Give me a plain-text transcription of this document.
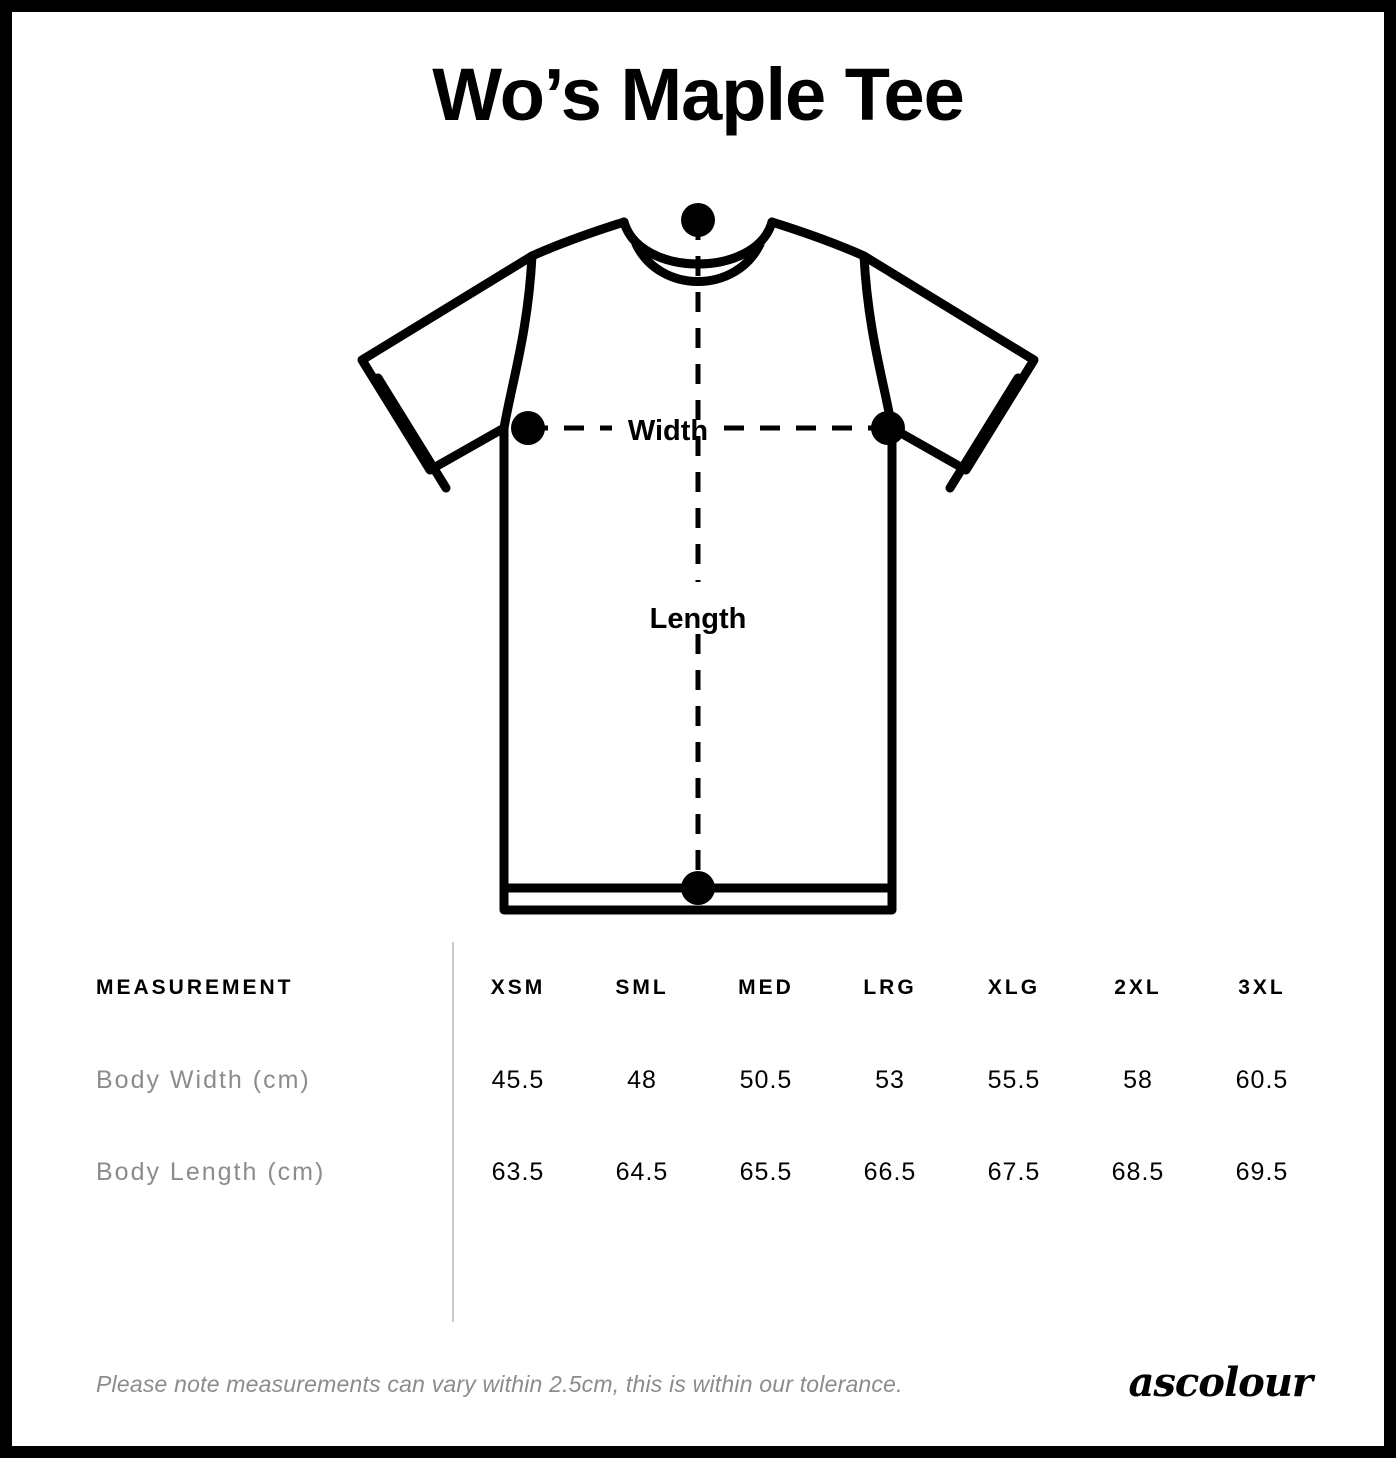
Wo’s Maple Tee
Width
Length
MEASUREMENT	XSM	SML	MED	LRG	XLG	2XL	3XL
Body Width (cm)	45.5	48	50.5	53	55.5	58	60.5
Body Length (cm)	63.5	64.5	65.5	66.5	67.5	68.5	69.5
Please note measurements can vary within 2.5cm, this is within our tolerance.	ascolour
